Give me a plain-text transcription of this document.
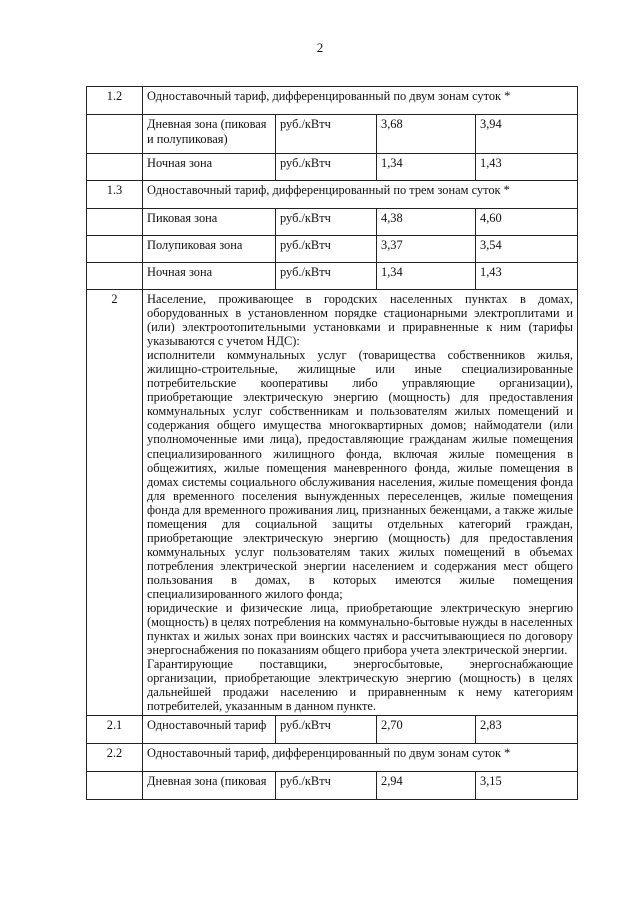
2
1.2	Одноставочный тариф, дифференцированный по двум зонам суток *			
	Дневная зона (пиковая и полупиковая)	руб./кВтч	3,68	3,94
	Ночная зона	руб./кВтч	1,34	1,43
1.3	Одноставочный тариф, дифференцированный по трем зонам суток *			
	Пиковая зона	руб./кВтч	4,38	4,60
	Полупиковая зона	руб./кВтч	3,37	3,54
	Ночная зона	руб./кВтч	1,34	1,43
2	Население, проживающее в городских населенных пунктах в домах, оборудованных в установленном порядке стационарными электроплитами и (или) электроотопительными установками и приравненные к ним (тарифы указываются с учетом НДС):

исполнители коммунальных услуг (товарищества собственников жилья, жилищно-строительные, жилищные или иные специализированные потребительские кооперативы либо управляющие организации), приобретающие электрическую энергию (мощность) для предоставления коммунальных услуг собственникам и пользователям жилых помещений и содержания общего имущества многоквартирных домов; наймодатели (или уполномоченные ими лица), предоставляющие гражданам жилые помещения специализированного жилищного фонда, включая жилые помещения в общежитиях, жилые помещения маневренного фонда, жилые помещения в домах системы социального обслуживания населения, жилые помещения фонда для временного поселения вынужденных переселенцев, жилые помещения фонда для временного проживания лиц, признанных беженцами, а также жилые помещения для социальной защиты отдельных категорий граждан, приобретающие электрическую энергию (мощность) для предоставления коммунальных услуг пользователям таких жилых помещений в объемах потребления электрической энергии населением и содержания мест общего пользования в домах, в которых имеются жилые помещения специализированного жилого фонда;

юридические и физические лица, приобретающие электрическую энергию (мощность) в целях потребления на коммунально-бытовые нужды в населенных пунктах и жилых зонах при воинских частях и рассчитывающиеся по договору энергоснабжения по показаниям общего прибора учета электрической энергии.

Гарантирующие поставщики, энергосбытовые, энергоснабжающие организации, приобретающие электрическую энергию (мощность) в целях дальнейшей продажи населению и приравненным к нему категориям потребителей, указанным в данном пункте.			

2.1	Одноставочный тариф	руб./кВтч	2,70	2,83
2.2	Одноставочный тариф, дифференцированный по двум зонам суток *			
	Дневная зона (пиковая	руб./кВтч	2,94	3,15
